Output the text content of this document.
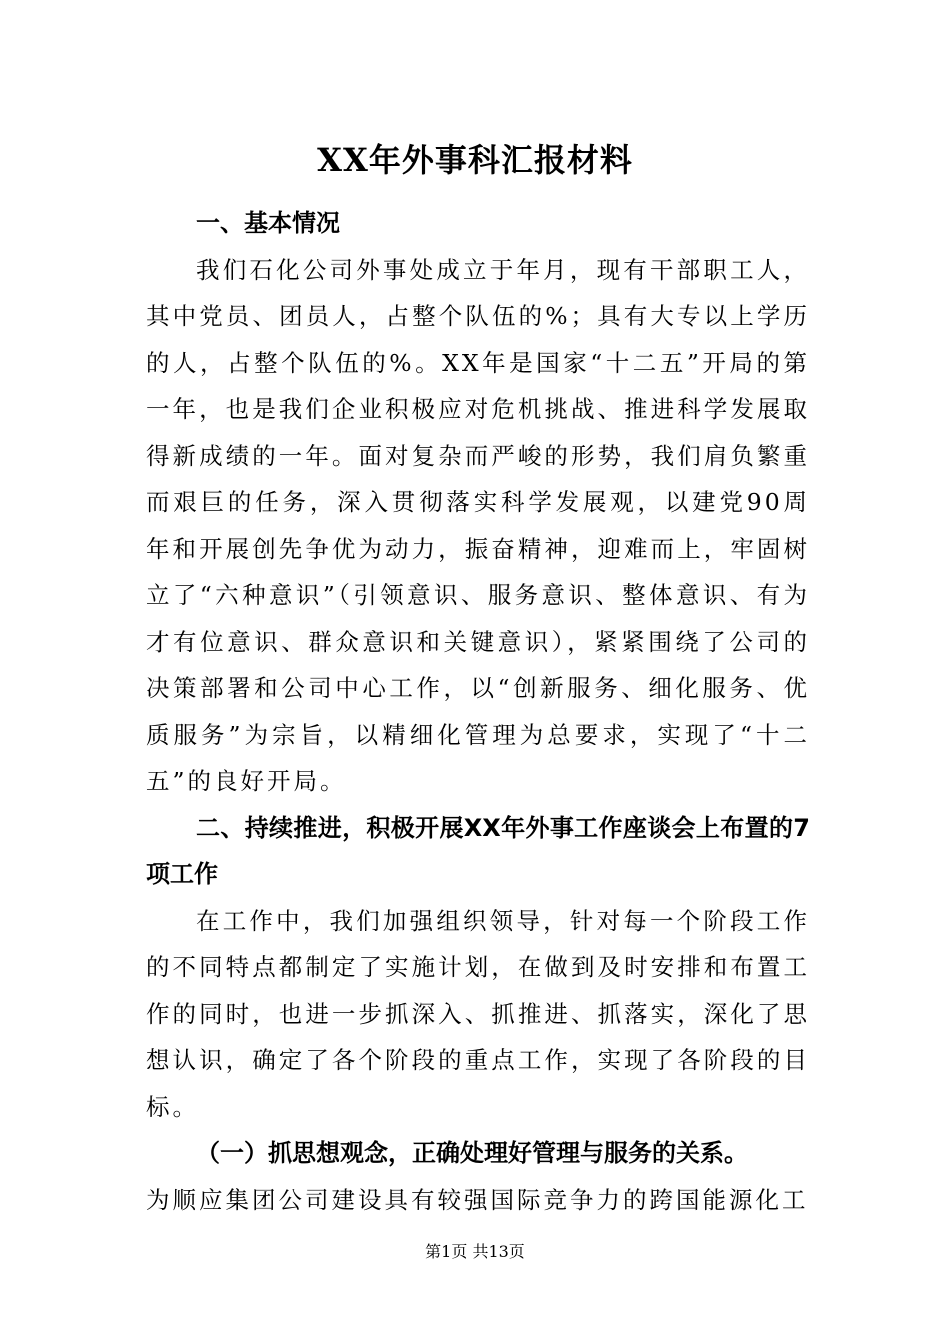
XX年外事科汇报材料
一、基本情况

我们石化公司外事处成立于年月，现有干部职工人，其中党员、团员人，占整个队伍的%；具有大专以上学历的人，占整个队伍的%。XX年是国家“十二五”开局的第一年，也是我们企业积极应对危机挑战、推进科学发展取得新成绩的一年。面对复杂而严峻的形势，我们肩负繁重而艰巨的任务，深入贯彻落实科学发展观，以建党90周年和开展创先争优为动力，振奋精神，迎难而上，牢固树立了“六种意识”（引领意识、服务意识、整体意识、有为才有位意识、群众意识和关键意识），紧紧围绕了公司的决策部署和公司中心工作，以“创新服务、细化服务、优质服务”为宗旨，以精细化管理为总要求，实现了“十二五”的良好开局。

二、持续推进，积极开展XX年外事工作座谈会上布置的7项工作

在工作中，我们加强组织领导，针对每一个阶段工作的不同特点都制定了实施计划，在做到及时安排和布置工作的同时，也进一步抓深入、抓推进、抓落实，深化了思想认识，确定了各个阶段的重点工作，实现了各阶段的目标。

（一）抓思想观念，正确处理好管理与服务的关系。

为顺应集团公司建设具有较强国际竞争力的跨国能源化工

第1页 共13页
